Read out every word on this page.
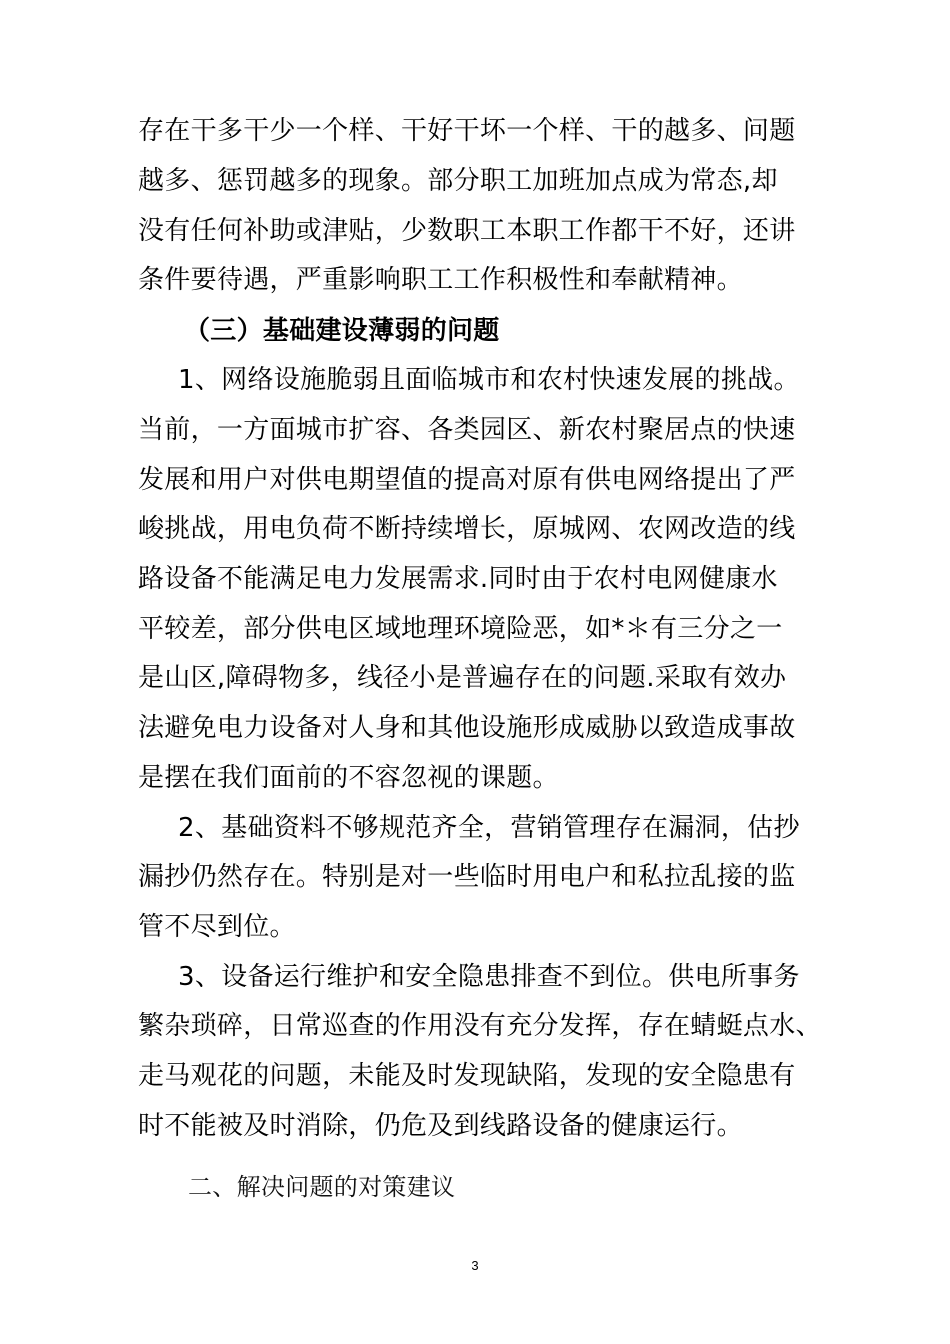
存在干多干少一个样、干好干坏一个样、干的越多、问题
越多、惩罚越多的现象。部分职工加班加点成为常态,却
没有任何补助或津贴，少数职工本职工作都干不好，还讲
条件要待遇，严重影响职工工作积极性和奉献精神。
（三）基础建设薄弱的问题
1、网络设施脆弱且面临城市和农村快速发展的挑战。
当前，一方面城市扩容、各类园区、新农村聚居点的快速
发展和用户对供电期望值的提高对原有供电网络提出了严
峻挑战，用电负荷不断持续增长，原城网、农网改造的线
路设备不能满足电力发展需求.同时由于农村电网健康水
平较差，部分供电区域地理环境险恶，如*＊有三分之一
是山区,障碍物多，线径小是普遍存在的问题.采取有效办
法避免电力设备对人身和其他设施形成威胁以致造成事故
是摆在我们面前的不容忽视的课题。
2、基础资料不够规范齐全，营销管理存在漏洞，估抄
漏抄仍然存在。特别是对一些临时用电户和私拉乱接的监
管不尽到位。
3、设备运行维护和安全隐患排查不到位。供电所事务
繁杂琐碎，日常巡查的作用没有充分发挥，存在蜻蜓点水、
走马观花的问题，未能及时发现缺陷，发现的安全隐患有
时不能被及时消除，仍危及到线路设备的健康运行。
二、解决问题的对策建议
3
